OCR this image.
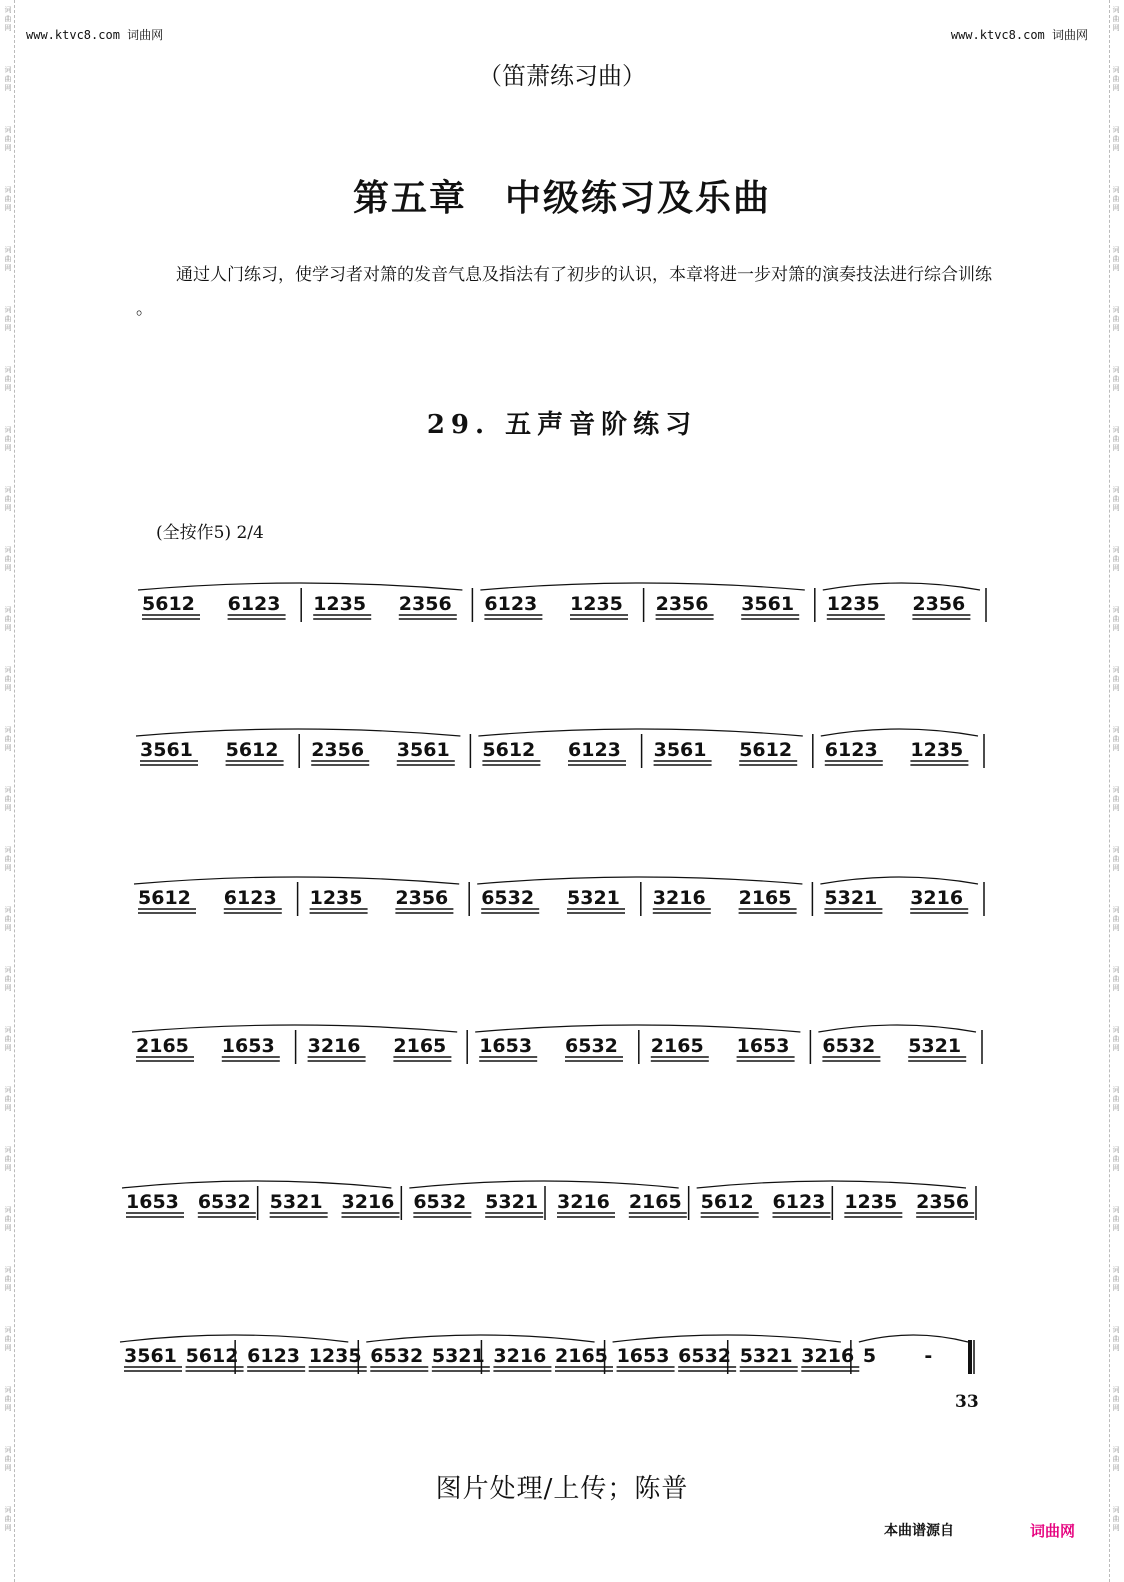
词
曲
网
词
曲
网
词
曲
网
词
曲
网
词
曲
网
词
曲
网
词
曲
网
词
曲
网
词
曲
网
词
曲
网
词
曲
网
词
曲
网
词
曲
网
词
曲
网
词
曲
网
词
曲
网
词
曲
网
词
曲
网
词
曲
网
词
曲
网
词
曲
网
词
曲
网
词
曲
网
词
曲
网
词
曲
网
词
曲
网
词
曲
网
词
曲
网
词
曲
网
词
曲
网
词
曲
网
词
曲
网
词
曲
网
词
曲
网
词
曲
网
词
曲
网
词
曲
网
词
曲
网
词
曲
网
词
曲
网
词
曲
网
词
曲
网
词
曲
网
词
曲
网
词
曲
网
词
曲
网
词
曲
网
词
曲
网
词
曲
网
词
曲
网
词
曲
网
词
曲
网
www.ktvc8.com 词曲网	www.ktvc8.com 词曲网
（笛萧练习曲）
第五章　中级练习及乐曲
通过人门练习，使学习者对箫的发音气息及指法有了初步的认识，本章将进一步对箫的演奏技法进行综合训练 。
29. 五声音阶练习
(全按作5) 2/4
5612 6123 1235 2356 6123 1235 2356 3561 1235 2356
3561 5612 2356 3561 5612 6123 3561 5612 6123 1235
5612 6123 1235 2356 6532 5321 3216 2165 5321 3216
2165 1653 3216 2165 1653 6532 2165 1653 6532 5321
1653 6532 5321 3216 6532 5321 3216 2165 5612 6123 1235 2356
3561 5612 6123 1235 6532 5321 3216 2165 1653 6532 5321 3216 5	-
33
图片处理/上传；陈普
本曲谱源自	词曲网
